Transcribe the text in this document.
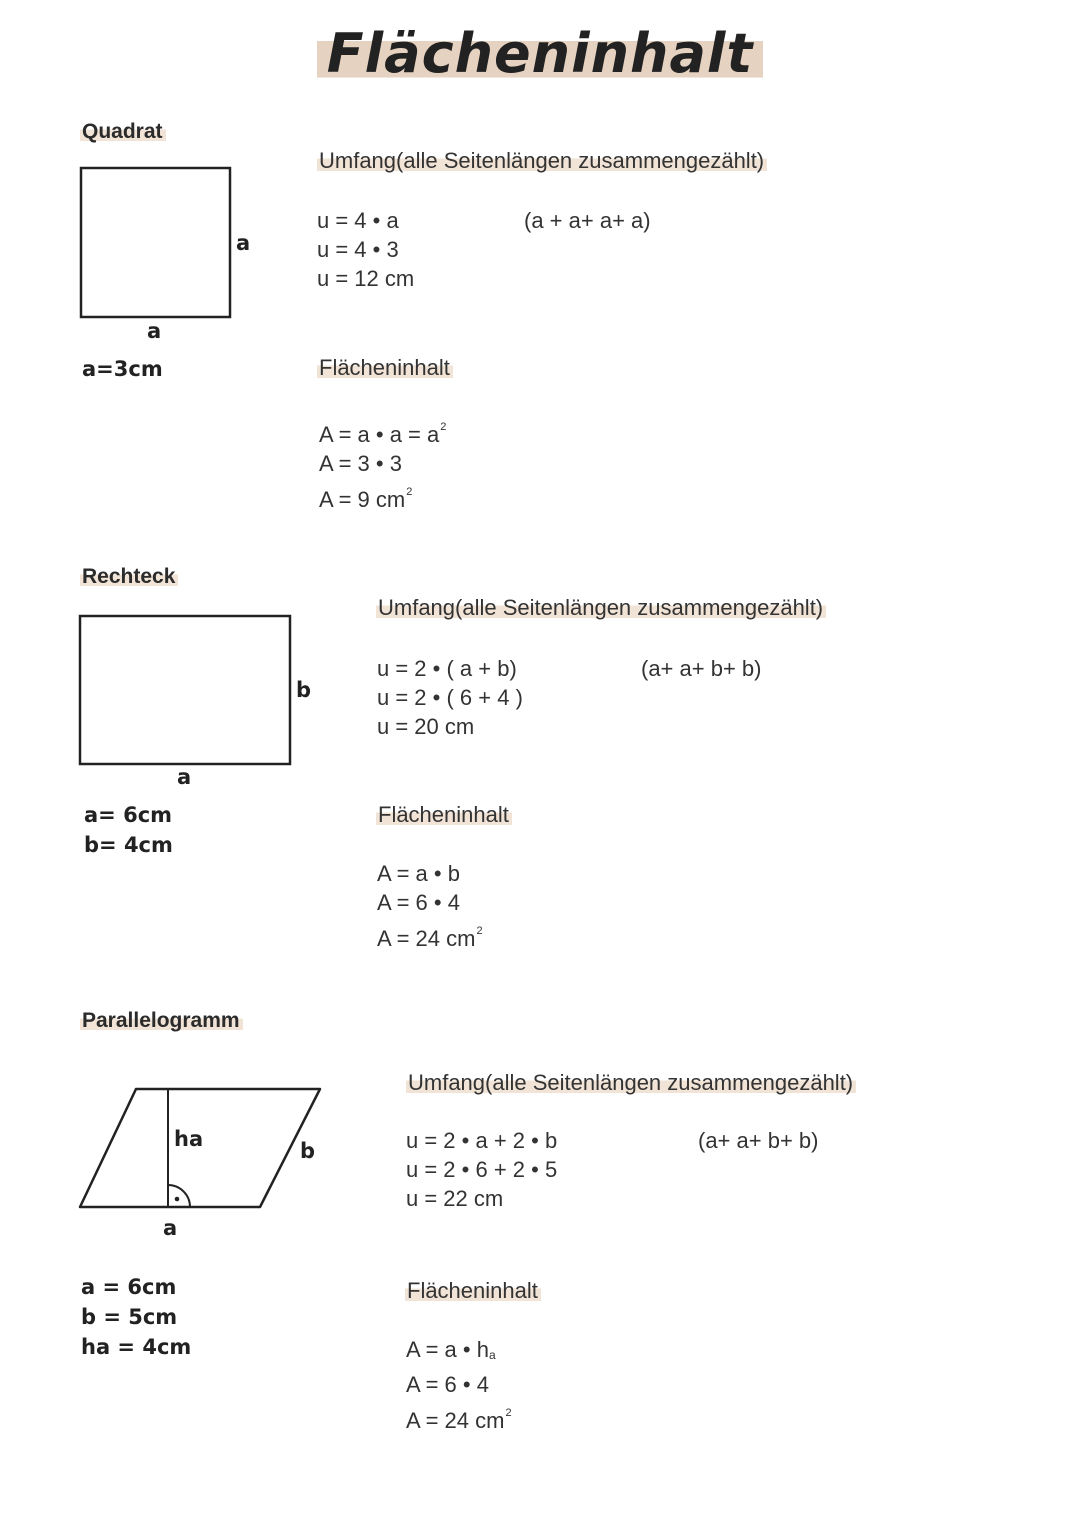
Flächeninhalt
Quadrat
a
a
a=3cm
Umfang(alle Seitenlängen zusammengezählt)
u = 4 • a
u = 4 • 3
u = 12 cm
(a + a+ a+ a)
Flächeninhalt
A = a • $a = a^2$
A = 3 • 3
A = 9 $cm^2$
Rechteck
b
a
a= 6cm
b= 4cm
Umfang(alle Seitenlängen zusammengezählt)
u = 2 • ( a + b)
u = 2 • ( 6 + 4 )
u = 20 cm
(a+ a+ b+ b)
Flächeninhalt
A = a • b
A = 6 • 4
A = 24 $cm^2$
Parallelogramm
ha	b
a
a = 6cm
b = 5cm
ha = 4cm
Umfang(alle Seitenlängen zusammengezählt)
u = 2 • a + 2 • b
u = 2 • 6 + 2 • 5
u = 22 cm
(a+ a+ b+ b)
Flächeninhalt
A = a • $h_a$
A = 6 • 4
A = 24 $cm^2$
